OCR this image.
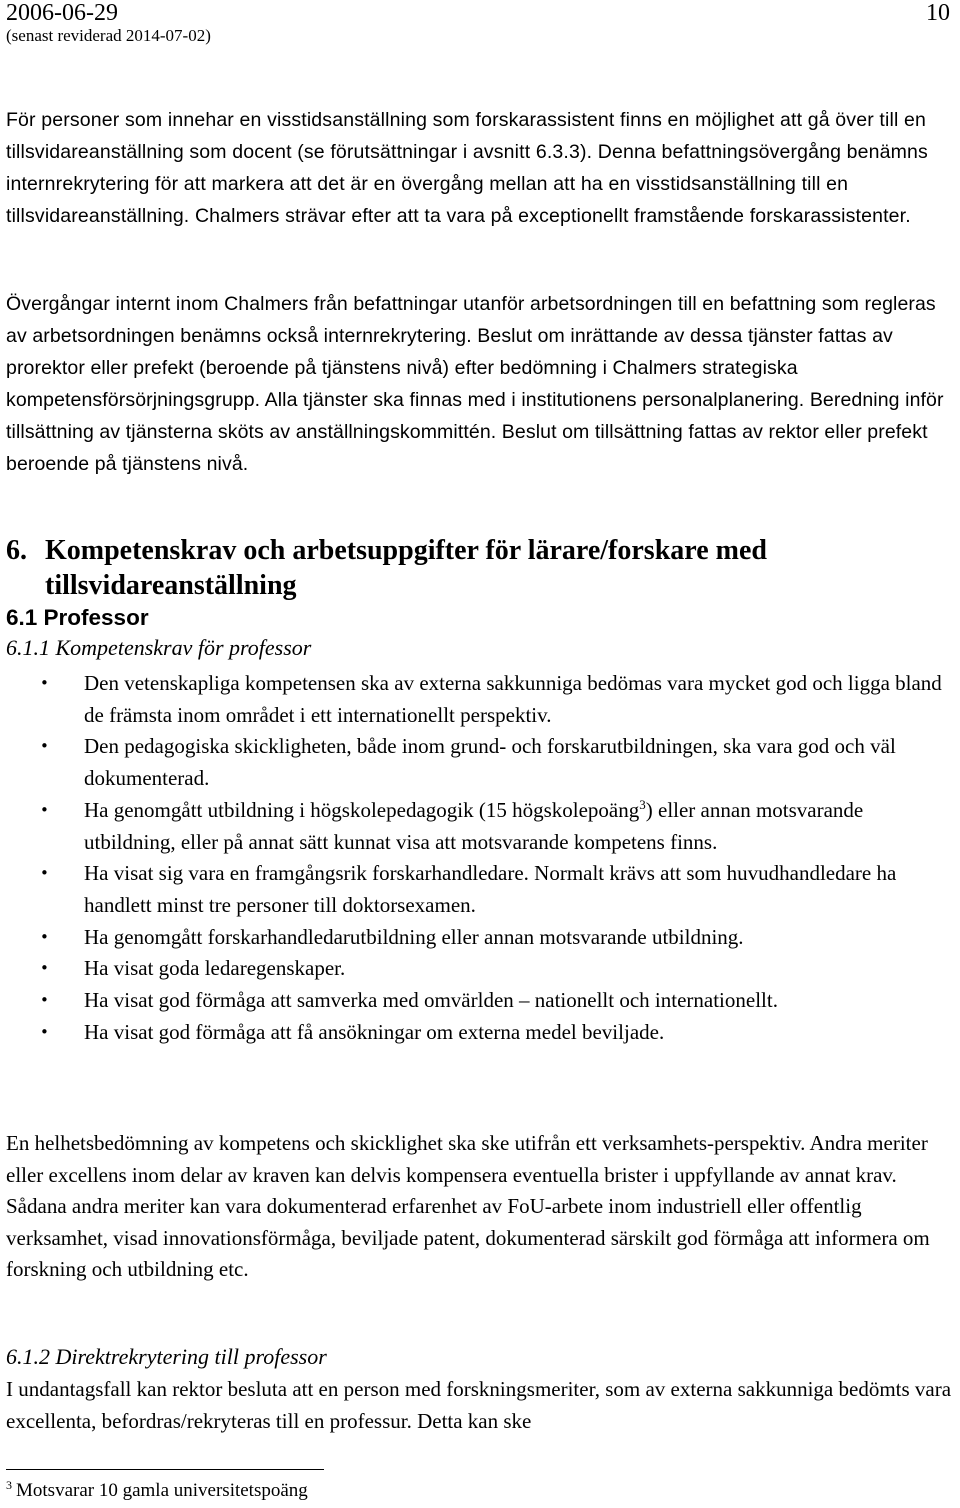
2006-06-29
(senast reviderad 2014-07-02)
10
För personer som innehar en visstidsanställning som forskarassistent finns en möjlighet att gå över till en tillsvidareanställning som docent (se förutsättningar i avsnitt 6.3.3). Denna befattningsövergång benämns internrekrytering för att markera att det är en övergång mellan att ha en visstidsanställning till en tillsvidareanställning. Chalmers strävar efter att ta vara på exceptionellt framstående forskarassistenter.
Övergångar internt inom Chalmers från befattningar utanför arbetsordningen till en befattning som regleras av arbetsordningen benämns också internrekrytering. Beslut om inrättande av dessa tjänster fattas av prorektor eller prefekt (beroende på tjänstens nivå) efter bedömning i Chalmers strategiska kompetensförsörjningsgrupp. Alla tjänster ska finnas med i institutionens personalplanering. Beredning inför tillsättning av tjänsterna sköts av anställningskommittén. Beslut om tillsättning fattas av rektor eller prefekt beroende på tjänstens nivå.
6. Kompetenskrav och arbetsuppgifter för lärare/forskare med
tillsvidareanställning
6.1 Professor
6.1.1 Kompetenskrav för professor
• Den vetenskapliga kompetensen ska av externa sakkunniga bedömas vara mycket god och ligga bland de främsta inom området i ett internationellt perspektiv.
• Den pedagogiska skickligheten, både inom grund- och forskarutbildningen, ska vara god och väl dokumenterad.
• Ha genomgått utbildning i högskolepedagogik (15 högskolepoäng$^3$) eller annan motsvarande utbildning, eller på annat sätt kunnat visa att motsvarande kompetens finns.
• Ha visat sig vara en framgångsrik forskarhandledare. Normalt krävs att som huvudhandledare ha handlett minst tre personer till doktorsexamen.
• Ha genomgått forskarhandledarutbildning eller annan motsvarande utbildning.
• Ha visat goda ledaregenskaper.
• Ha visat god förmåga att samverka med omvärlden – nationellt och internationellt.
• Ha visat god förmåga att få ansökningar om externa medel beviljade.
En helhetsbedömning av kompetens och skicklighet ska ske utifrån ett verksamhets-perspektiv. Andra meriter eller excellens inom delar av kraven kan delvis kompensera eventuella brister i uppfyllande av annat krav. Sådana andra meriter kan vara dokumenterad erfarenhet av FoU-arbete inom industriell eller offentlig verksamhet, visad innovationsförmåga, beviljade patent, dokumenterad särskilt god förmåga att informera om forskning och utbildning etc.
6.1.2 Direktrekrytering till professor
I undantagsfall kan rektor besluta att en person med forskningsmeriter, som av externa sakkunniga bedömts vara excellenta, befordras/rekryteras till en professur. Detta kan ske
$^3$ Motsvarar 10 gamla universitetspoäng
